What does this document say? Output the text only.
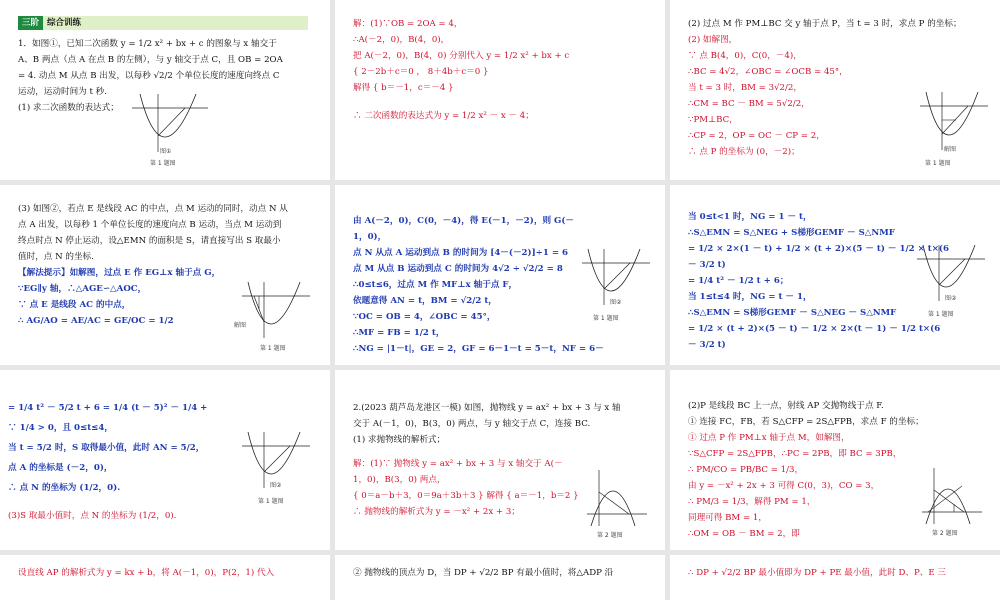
三阶 综合训练
1．如图①，已知二次函数 y = 1/2 x² + bx + c 的图象与 x 轴交于
A、B 两点（点 A 在点 B 的左侧），与 y 轴交于点 C，且 OB = 2OA
= 4. 动点 M 从点 B 出发，以每秒 √2/2 个单位长度的速度向终点 C
运动，运动时间为 t 秒.
(1) 求二次函数的表达式；
图①
第 1 题图
解：(1)∵OB = 2OA = 4，
∴A(－2，0)，B(4，0)，
把 A(－2，0)，B(4，0) 分别代入 y = 1/2 x² + bx + c
{ 2－2b＋c＝0 ， 8＋4b＋c＝0 }
解得 { b＝－1，c＝－4 }
∴ 二次函数的表达式为 y = 1/2 x² － x － 4；
(2) 过点 M 作 PM⊥BC 交 y 轴于点 P，当 t = 3 时，求点 P 的坐标；
(2) 如解图，
∵ 点 B(4，0)，C(0，－4)，
∴BC = 4√2，∠OBC = ∠OCB = 45°，
当 t = 3 时，BM = 3√2/2，
∴CM = BC － BM = 5√2/2，
∵PM⊥BC，
∴CP = 2，OP = OC － CP = 2，
∴ 点 P 的坐标为 (0，－2)；	解图
第 1 题图
(3) 如图②，若点 E 是线段 AC 的中点，点 M 运动的同时，动点 N 从
点 A 出发，以每秒 1 个单位长度的速度向点 B 运动，当点 M 运动到
终点时点 N 停止运动，设△EMN 的面积是 S，请直接写出 S 取最小
值时，点 N 的坐标.
【解法提示】如解图，过点 E 作 EG⊥x 轴于点 G，
∵EG∥y 轴，∴△AGE∽△AOC，
∵ 点 E 是线段 AC 的中点，
∴ AG/AO = AE/AC = GE/OC = 1/2	解图
第 1 题图
由 A(－2，0)，C(0，－4)，得 E(－1，－2)，则 G(－
1，0)，
点 N 从点 A 运动到点 B 的时间为 [4－(－2)]÷1 = 6
点 M 从点 B 运动到点 C 的时间为 4√2 ÷ √2/2 = 8
∴0≤t≤6，过点 M 作 MF⊥x 轴于点 F，
依题意得 AN = t，BM = √2/2 t，
∵OC = OB = 4，∠OBC = 45°，
∴MF = FB = 1/2 t，
∴NG = |1－t|，GE = 2，GF = 6－1－t = 5－t，NF = 6－
图②
第 1 题图
当 0≤t<1 时，NG = 1 － t，
∴S△EMN = S△NEG + S梯形GEMF － S△NMF
= 1/2 × 2×(1 － t) + 1/2 × (t + 2)×(5 － t) － 1/2 × t×(6
－ 3/2 t)
= 1/4 t² － 1/2 t + 6；
当 1≤t≤4 时，NG = t － 1，
∴S△EMN = S梯形GEMF － S△NEG － S△NMF
= 1/2 × (t + 2)×(5 － t) － 1/2 × 2×(t － 1) － 1/2 t×(6
－ 3/2 t)
图②
第 1 题图
= 1/4 t² － 5/2 t + 6 = 1/4 (t － 5)² － 1/4 +
∵ 1/4 > 0，且 0≤t≤4，
当 t = 5/2 时，S 取得最小值，此时 AN = 5/2，
点 A 的坐标是 (－2，0)，
∴ 点 N 的坐标为 (1/2，0).
(3)S 取最小值时，点 N 的坐标为 (1/2，0).
图②
第 1 题图
2.(2023 葫芦岛龙港区一模) 如图，抛物线 y = ax² + bx + 3 与 x 轴
交于 A(－1，0)，B(3，0) 两点，与 y 轴交于点 C，连接 BC.
(1) 求抛物线的解析式；
解：(1)∵ 抛物线 y = ax² + bx + 3 与 x 轴交于 A(－
1，0)，B(3，0) 两点，
{ 0＝a－b＋3，0＝9a＋3b＋3 } 解得 { a＝－1，b＝2 }
∴ 抛物线的解析式为 y = －x² + 2x + 3；
第 2 题图
(2)P 是线段 BC 上一点，射线 AP 交抛物线于点 F.
① 连接 FC，FB，若 S△CFP = 2S△FPB，求点 F 的坐标；
① 过点 P 作 PM⊥x 轴于点 M，如解图，
∵S△CFP = 2S△FPB，∴PC = 2PB，即 BC = 3PB，
∴ PM/CO = PB/BC = 1/3，
由 y = －x² + 2x + 3 可得 C(0，3)，CO = 3，
∴ PM/3 = 1/3，解得 PM = 1，
同理可得 BM = 1，
∴OM = OB － BM = 2，即	第 2 题图
设直线 AP 的解析式为 y = kx + b，将 A(－1，0)，P(2，1) 代入	② 抛物线的顶点为 D，当 DP + √2/2 BP 有最小值时，将△ADP 沿	∴ DP + √2/2 BP 最小值即为 DP + PE 最小值，此时 D、P、E 三
